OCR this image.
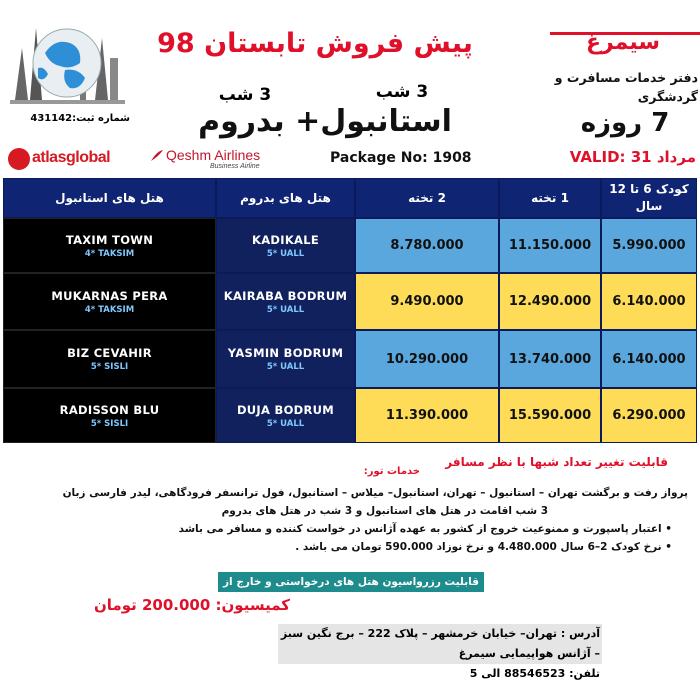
شماره ثبت:431142
atlasglobal	Qeshm Airlines
Business Airline
پیش فروش تابستان 98
3 شب
3 شب
استانبول+ بدروم
Package No: 1908
سیمرغ
دفتر خدمات مسافرت و
گردشگری
7 روزه
VALID: 31 مرداد
هتل های استانبول	هتل های بدروم	2 تخته	1 تخته
کودک 6 تا 12
سال
TAXIM TOWN
4* TAKSIM
KADIKALE
5* UALL
8.780.000	11.150.000	5.990.000
MUKARNAS PERA
4* TAKSIM
KAIRABA BODRUM
5* UALL
9.490.000	12.490.000	6.140.000
BIZ CEVAHIR
5* SISLI
YASMIN BODRUM
5* UALL
10.290.000	13.740.000	6.140.000
RADISSON BLU
5* SISLI
DUJA BODRUM
5* UALL
11.390.000	15.590.000	6.290.000
قابلیت تغییر تعداد شبها با نظر مسافر
خدمات تور:
پرواز رفت و برگشت تهران – استانبول – تهران، استانبول– میلاس – استانبول، فول ترانسفر فرودگاهی، لیدر فارسی زبان
3 شب اقامت در هتل های استانبول و 3 شب در هتل های بدروم
• اعتبار پاسپورت و ممنوعیت خروج از کشور به عهده آژانس در خواست کننده و مسافر می باشد
• نرخ کودک 2–6 سال 4.480.000 و نرخ نوزاد 590.000 تومان می باشد .
قابلیت رزرواسیون هتل های درخواستی و خارج از پکیج
کمیسیون: 200.000 تومان
آدرس : تهران– خیابان خرمشهر – پلاک 222 – برج نگین سبز – آژانس هواپیمایی سیمرغ
تلفن: 88546523 الی 5
